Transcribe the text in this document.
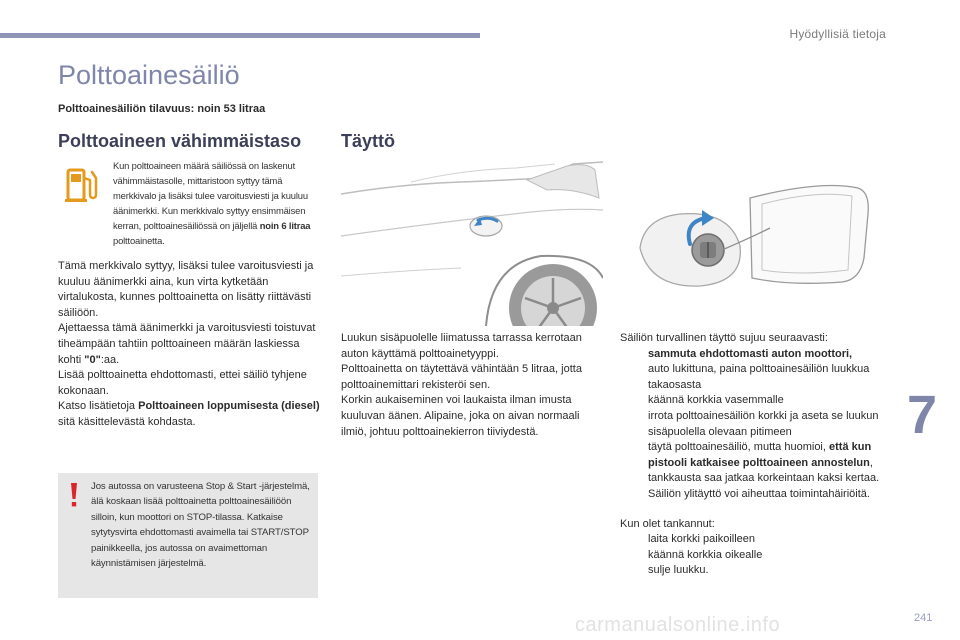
Hyödyllisiä tietoja
Polttoainesäiliö
Polttoainesäiliön tilavuus: noin 53 litraa
Polttoaineen vähimmäistaso
Kun polttoaineen määrä säiliössä on laskenut vähimmäistasolle, mittaristoon syttyy tämä merkkivalo ja lisäksi tulee varoitusviesti ja kuuluu äänimerkki. Kun merkkivalo syttyy ensimmäisen kerran, polttoainesäiliössä on jäljellä noin 6 litraa polttoainetta.

Tämä merkkivalo syttyy, lisäksi tulee varoitusviesti ja kuuluu äänimerkki aina, kun virta kytketään virtalukosta, kunnes polttoainetta on lisätty riittävästi säiliöön.

Ajettaessa tämä äänimerkki ja varoitusviesti toistuvat tiheämpään tahtiin polttoaineen määrän laskiessa kohti "0":aa.

Lisää polttoainetta ehdottomasti, ettei säiliö tyhjene kokonaan.

Katso lisätietoja Polttoaineen loppumisesta (diesel) sitä käsittelevästä kohdasta.

Jos autossa on varusteena Stop & Start -järjestelmä, älä koskaan lisää polttoainetta polttoainesäiliöön silloin, kun moottori on STOP-tilassa. Katkaise sytytysvirta ehdottomasti avaimella tai START/STOP painikkeella, jos autossa on avaimettoman käynnistämisen järjestelmä.
Täyttö

Luukun sisäpuolelle liimatussa tarrassa kerrotaan auton käyttämä polttoainetyyppi.

Polttoainetta on täytettävä vähintään 5 litraa, jotta polttoainemittari rekisteröi sen.

Korkin aukaiseminen voi laukaista ilman imusta kuuluvan äänen. Alipaine, joka on aivan normaali ilmiö, johtuu polttoainekierron tiiviydestä.

Säiliön turvallinen täyttö sujuu seuraavasti:
sammuta ehdottomasti auton moottori,
auto lukittuna, paina polttoainesäiliön luukkua takaosasta
käännä korkkia vasemmalle
irrota polttoainesäiliön korkki ja aseta se luukun sisäpuolella olevaan pitimeen
täytä polttoainesäiliö, mutta huomioi, että kun pistooli katkaisee polttoaineen annostelun, tankkausta saa jatkaa korkeintaan kaksi kertaa. Säiliön ylitäyttö voi aiheuttaa toimintahäiriöitä.
Kun olet tankannut:
laita korkki paikoilleen
käännä korkkia oikealle
sulje luukku.
7
carmanualsonline.info	241
